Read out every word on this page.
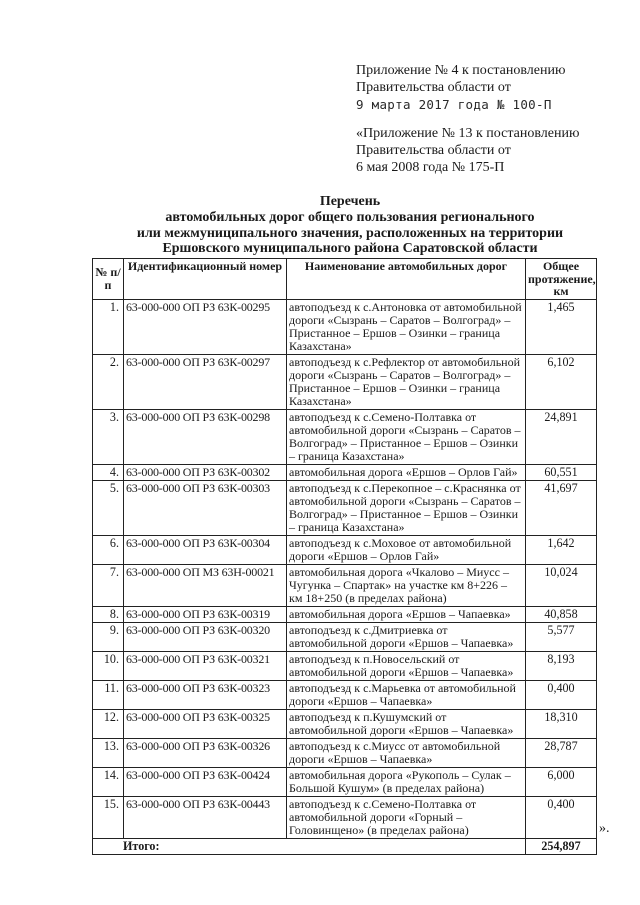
Приложение № 4 к постановлению
Правительства области от
9 марта 2017 года № 100-П
«Приложение № 13 к постановлению
Правительства области от
6 мая 2008 года № 175-П
Перечень
автомобильных дорог общего пользования регионального
или межмуниципального значения, расположенных на территории
Ершовского муниципального района Саратовской области
№ п/п	Идентификационный номер	Наименование автомобильных дорог	Общее протяжение, км
1.	63-000-000 ОП РЗ 63К-00295	автоподъезд к с.Антоновка от автомобильной дороги «Сызрань – Саратов – Волгоград» – Пристанное – Ершов – Озинки – граница Казахстана»	1,465
2.	63-000-000 ОП РЗ 63К-00297	автоподъезд к с.Рефлектор от автомобильной дороги «Сызрань – Саратов – Волгоград» – Пристанное – Ершов – Озинки – граница Казахстана»	6,102
3.	63-000-000 ОП РЗ 63К-00298	автоподъезд к с.Семено-Полтавка от автомобильной дороги «Сызрань – Саратов – Волгоград» – Пристанное – Ершов – Озинки – граница Казахстана»	24,891
4.	63-000-000 ОП РЗ 63К-00302	автомобильная дорога «Ершов – Орлов Гай»	60,551
5.	63-000-000 ОП РЗ 63К-00303	автоподъезд к с.Перекопное – с.Краснянка от автомобильной дороги «Сызрань – Саратов – Волгоград» – Пристанное – Ершов – Озинки – граница Казахстана»	41,697
6.	63-000-000 ОП РЗ 63К-00304	автоподъезд к с.Моховое от автомобильной дороги «Ершов – Орлов Гай»	1,642
7.	63-000-000 ОП МЗ 63Н-00021	автомобильная дорога «Чкалово – Миусс – Чугунка – Спартак» на участке км 8+226 – км 18+250 (в пределах района)	10,024
8.	63-000-000 ОП РЗ 63К-00319	автомобильная дорога «Ершов – Чапаевка»	40,858
9.	63-000-000 ОП РЗ 63К-00320	автоподъезд к с.Дмитриевка от автомобильной дороги «Ершов – Чапаевка»	5,577
10.	63-000-000 ОП РЗ 63К-00321	автоподъезд к п.Новосельский от автомобильной дороги «Ершов – Чапаевка»	8,193
11.	63-000-000 ОП РЗ 63К-00323	автоподъезд к с.Марьевка от автомобильной дороги «Ершов – Чапаевка»	0,400
12.	63-000-000 ОП РЗ 63К-00325	автоподъезд к п.Кушумский от автомобильной дороги «Ершов – Чапаевка»	18,310
13.	63-000-000 ОП РЗ 63К-00326	автоподъезд к с.Миусс от автомобильной дороги «Ершов – Чапаевка»	28,787
14.	63-000-000 ОП РЗ 63К-00424	автомобильная дорога «Рукополь – Сулак – Большой Кушум» (в пределах района)	6,000
15.	63-000-000 ОП РЗ 63К-00443	автоподъезд к с.Семено-Полтавка от автомобильной дороги «Горный – Головинщено» (в пределах района)	0,400
Итого:			254,897
».
